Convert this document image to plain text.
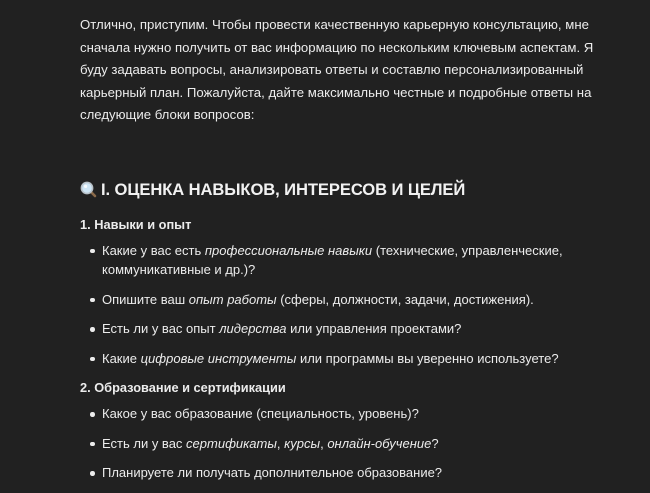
Отлично, приступим. Чтобы провести качественную карьерную консультацию, мне сначала нужно получить от вас информацию по нескольким ключевым аспектам. Я буду задавать вопросы, анализировать ответы и составлю персонализированный карьерный план. Пожалуйста, дайте максимально честные и подробные ответы на следующие блоки вопросов:

I. ОЦЕНКА НАВЫКОВ, ИНТЕРЕСОВ И ЦЕЛЕЙ
1. Навыки и опыт
Какие у вас есть профессиональные навыки (технические, управленческие, коммуникативные и др.)?
Опишите ваш опыт работы (сферы, должности, задачи, достижения).
Есть ли у вас опыт лидерства или управления проектами?
Какие цифровые инструменты или программы вы уверенно используете?
2. Образование и сертификации
Какое у вас образование (специальность, уровень)?
Есть ли у вас сертификаты, курсы, онлайн-обучение?
Планируете ли получать дополнительное образование?
